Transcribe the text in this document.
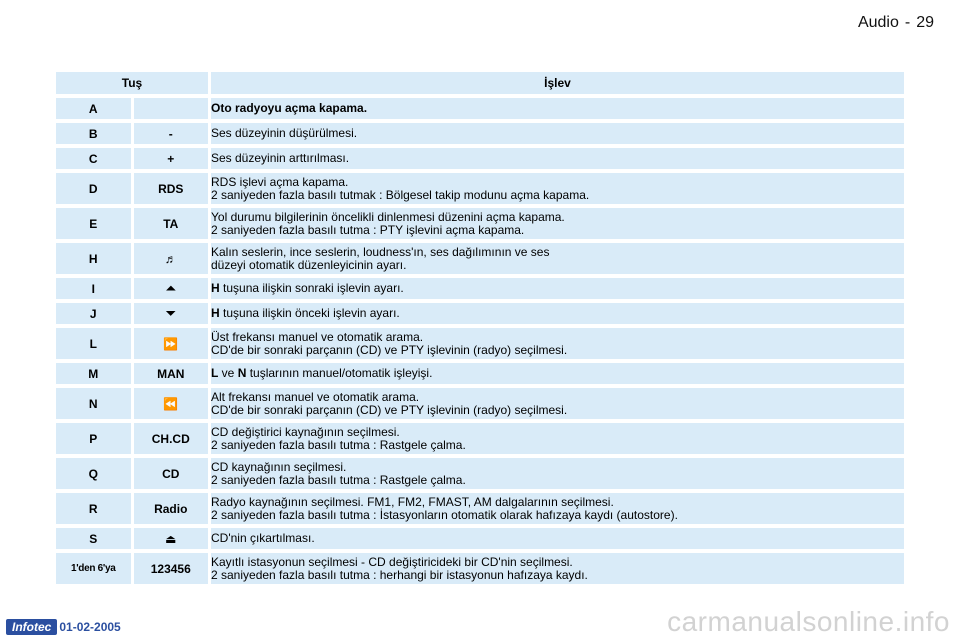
Audio - 29
Tuş		İşlev
A		Oto radyoyu açma kapama.

B	-	Ses düzeyinin düşürülmesi.

C	+	Ses düzeyinin arttırılması.

D	RDS	RDS işlevi açma kapama.
2 saniyeden fazla basılı tutmak : Bölgesel takip modunu açma kapama.

E	TA	Yol durumu bilgilerinin öncelikli dinlenmesi düzenini açma kapama.
2 saniyeden fazla basılı tutma : PTY işlevini açma kapama.

H	♬	Kalın seslerin, ince seslerin, loudness'ın, ses dağılımının ve ses
düzeyi otomatik düzenleyicinin ayarı.

I	⏶	H tuşuna ilişkin sonraki işlevin ayarı.

J	⏷	H tuşuna ilişkin önceki işlevin ayarı.

L	⏩	Üst frekansı manuel ve otomatik arama.
CD'de bir sonraki parçanın (CD) ve PTY işlevinin (radyo) seçilmesi.

M	MAN	L ve N tuşlarının manuel/otomatik işleyişi.

N	⏪	Alt frekansı manuel ve otomatik arama.
CD'de bir sonraki parçanın (CD) ve PTY işlevinin (radyo) seçilmesi.

P	CH.CD	CD değiştirici kaynağının seçilmesi.
2 saniyeden fazla basılı tutma : Rastgele çalma.

Q	CD	CD kaynağının seçilmesi.
2 saniyeden fazla basılı tutma : Rastgele çalma.

R	Radio	Radyo kaynağının seçilmesi. FM1, FM2, FMAST, AM dalgalarının seçilmesi.
2 saniyeden fazla basılı tutma : İstasyonların otomatik olarak hafızaya kaydı (autostore).

S	⏏	CD'nin çıkartılması.

1'den 6'ya	123456	Kayıtlı istasyonun seçilmesi - CD değiştiricideki bir CD'nin seçilmesi.
2 saniyeden fazla basılı tutma : herhangi bir istasyonun hafızaya kaydı.
Infotec 01-02-2005	carmanualsonline.info
